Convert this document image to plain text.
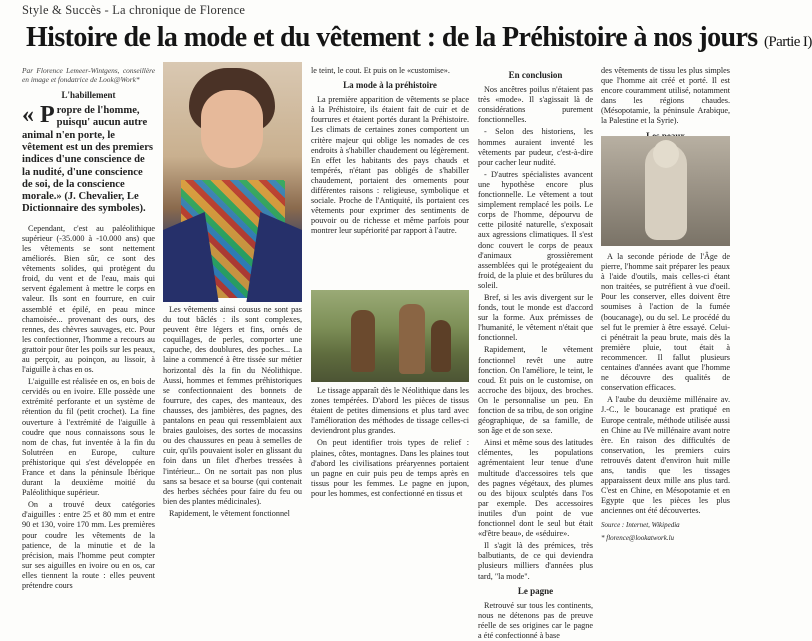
Style & Succès - La chronique de Florence
Histoire de la mode et du vêtement : de la Préhistoire à nos jours (Partie I)
Par Florence Lemeer-Wintgens, conseillère en image et fondatrice de Look@Work*
L'habillement
« P ropre de l'homme, puisqu' aucun autre animal n'en porte, le vêtement est un des premiers indices d'une conscience de la nudité, d'une conscience de soi, de la conscience morale.» (J. Chevalier, Le Dictionnaire des symboles).

Cependant, c'est au paléolithique supérieur (-35.000 à -10.000 ans) que les vêtements se sont nettement améliorés. Bien sûr, ce sont des vêtements solides, qui protègent du froid, du vent et de l'eau, mais qui servent également à mettre le corps en valeur. Ils sont en fourrure, en cuir assemblé et épilé, en peau mince chamoisée... provenant des ours, des rennes, des chèvres sauvages, etc. Pour les confectionner, l'homme a recours au grattoir pour ôter les poils sur les peaux, au perçoir, au poinçon, au lissoir, à l'aiguille à chas en os.

L'aiguille est réalisée en os, en bois de cervidés ou en ivoire. Elle possède une extrémité perforante et un système de rétention du fil (petit crochet). La fine ouverture à l'extrémité de l'aiguille à coudre que nous connaissons sous le nom de chas, fut inventée à la fin du Solutréen en Europe, culture préhistorique qui s'est développée en France et dans la péninsule Ibérique durant la deuxième moitié du Paléolithique supérieur.

On a trouvé deux catégories d'aiguilles : entre 25 et 80 mm et entre 90 et 130, voire 170 mm. Les premières pour coudre les vêtements de la patience, de la minutie et de la précision, mais l'homme peut compter sur ses aiguilles en ivoire ou en os, car elles tiennent la route : elles peuvent prétendre cours

Les vêtements ainsi cousus ne sont pas du tout bâclés : ils sont complexes, peuvent être légers et fins, ornés de coquillages, de perles, comporter une capuche, des doublures, des poches... La laine a commencé à être tissée sur métier horizontal dès la fin du Néolithique. Aussi, hommes et femmes préhistoriques se confectionnaient des bonnets de fourrure, des capes, des manteaux, des chausses, des jambières, des pagnes, des pantalons en peau qui ressemblaient aux braies gauloises, des sortes de mocassins ou des chaussures en peau à semelles de cuir, qu'ils pouvaient isoler en glissant du foin dans un filet d'herbes tressées à l'intérieur... On ne sortait pas non plus sans sa besace et sa bourse (qui contenait des herbes séchées pour faire du feu ou bien des plantes médicinales).

Rapidement, le vêtement fonctionnel

le teint, le cout. Et puis on le «customise».

La mode à la préhistoire

La première apparition de vêtements se place à la Préhistoire, ils étaient fait de cuir et de fourrures et étaient portés durant la Préhistoire. Les climats de certaines zones comportent un critère majeur qui oblige les nomades de ces endroits à s'habiller chaudement ou légèrement. En effet les habitants des pays chauds et tempérés, n'étant pas obligés de s'habiller chaudement, portaient des ornements pour différentes raisons : religieuse, symbolique et sociale. Proche de l'Antiquité, ils portaient ces vêtements pour exprimer des sentiments de pouvoir ou de richesse et même parfois pour montrer leur supériorité par rapport à l'autre.

Le tissage apparaît dès le Néolithique dans les zones tempérées. D'abord les pièces de tissus étaient de petites dimensions et plus tard avec l'amélioration des méthodes de tissage celles-ci deviendront plus grandes.

On peut identifier trois types de relief : plaines, côtes, montagnes. Dans les plaines tout d'abord les civilisations préaryennes portaient un pagne en cuir puis peu de temps après en tissus pour les femmes. Le pagne en jupon, pour les hommes, est confectionné en tissus et

En conclusion

Nos ancêtres poilus n'étaient pas très «mode». Il s'agissait là de considérations purement fonctionnelles.

- Selon des historiens, les hommes auraient inventé les vêtements par pudeur, c'est-à-dire pour cacher leur nudité.

- D'autres spécialistes avancent une hypothèse encore plus fonctionnelle. Le vêtement a tout simplement remplacé les poils. Le corps de l'homme, dépourvu de cette pilosité naturelle, s'exposait aux agressions climatiques. Il s'est donc couvert le corps de peaux d'animaux grossièrement assemblées qui le protégeaient du froid, de la pluie et des brûlures du soleil.

Bref, si les avis divergent sur le fonds, tout le monde est d'accord sur la forme. Aux prémisses de l'humanité, le vêtement n'était que fonctionnel.

Rapidement, le vêtement fonctionnel revêt une autre fonction. On l'améliore, le teint, le coud. Et puis on le customise, on accroche des bijoux, des broches. On le personnalise un peu. En fonction de sa tribu, de son origine géographique, de sa famille, de son âge et de son sexe.

Ainsi et même sous des latitudes clémentes, les populations agrémentaient leur tenue d'une multitude d'accessoires tels que des pagnes végétaux, des plumes ou des bijoux sculptés dans l'os par exemple. Des accessoires inutiles d'un point de vue fonctionnel dont le seul but était «d'être beau», de «séduire».

Il s'agit là des prémices, très balbutiants, de ce qui deviendra plusieurs milliers d'années plus tard, "la mode".

Le pagne

Retrouvé sur tous les continents, nous ne détenons pas de preuve réelle de ses origines car le pagne a été confectionné à base

des vêtements de tissu les plus simples que l'homme ait créé et porté. Il est encore couramment utilisé, notamment dans les régions chaudes. (Mésopotamie, la péninsule Arabique, la Palestine et la Syrie).

A la seconde période de l'Âge de pierre, l'homme sait préparer les peaux à l'aide d'outils, mais celles-ci étant non traitées, se putréfient à vue d'oeil. Pour les conserver, elles doivent être soumises à l'action de la fumée (boucanage), ou du sel. Le procédé du sel fut le premier à être essayé. Celui-ci pénétrait la peau brute, mais dès la première pluie, tout était à recommencer. Il fallut plusieurs centaines d'années avant que l'homme ne découvre des qualités de conservation efficaces.

A l'aube du deuxième millénaire av. J.-C., le boucanage est pratiqué en Europe centrale, méthode utilisée aussi en Chine au IVe millénaire avant notre ère. En raison des difficultés de conservation, les premiers cuirs retrouvés datent d'environ huit mille ans, tandis que les tissages apparaissent deux mille ans plus tard. C'est en Chine, en Mésopotamie et en Egypte que les pièces les plus anciennes ont été découvertes.

Source : Internet, Wikipedia

* florence@lookatwork.lu
